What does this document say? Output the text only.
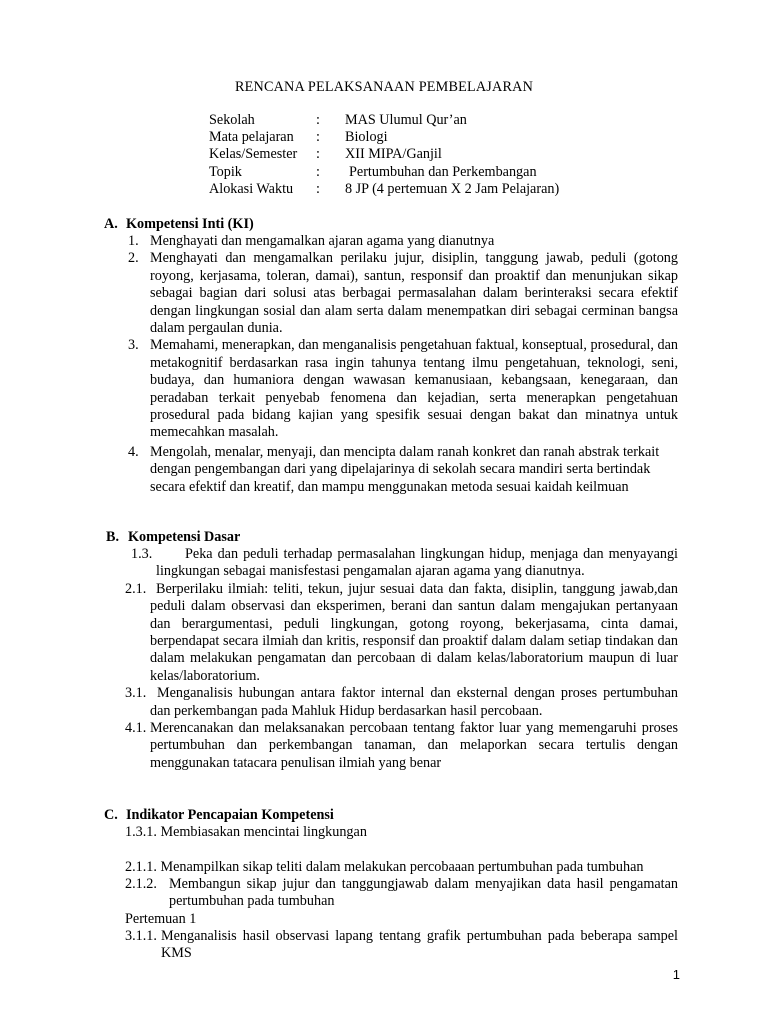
RENCANA PELAKSANAAN PEMBELAJARAN
Sekolah	:	MAS Ulumul Qur’an
Mata pelajaran	:	Biologi
Kelas/Semester	:	XII MIPA/Ganjil
Topik	:	Pertumbuhan dan Perkembangan
Alokasi Waktu	:	8 JP (4 pertemuan X 2 Jam Pelajaran)
A. Kompetensi Inti (KI)
1. Menghayati dan mengamalkan ajaran agama yang dianutnya
2. Menghayati dan mengamalkan perilaku jujur, disiplin, tanggung jawab, peduli (gotong royong, kerjasama, toleran, damai), santun, responsif dan proaktif dan menunjukan sikap sebagai bagian dari solusi atas berbagai permasalahan dalam berinteraksi secara efektif dengan lingkungan sosial dan alam serta dalam menempatkan diri sebagai cerminan bangsa dalam pergaulan dunia.
3. Memahami, menerapkan, dan menganalisis pengetahuan faktual, konseptual, prosedural, dan metakognitif berdasarkan rasa ingin tahunya tentang ilmu pengetahuan, teknologi, seni, budaya, dan humaniora dengan wawasan kemanusiaan, kebangsaan, kenegaraan, dan peradaban terkait penyebab fenomena dan kejadian, serta menerapkan pengetahuan prosedural pada bidang kajian yang spesifik sesuai dengan bakat dan minatnya untuk memecahkan masalah.
4. Mengolah, menalar, menyaji, dan mencipta dalam ranah konkret dan ranah abstrak terkait dengan pengembangan dari yang dipelajarinya di sekolah secara mandiri serta bertindak secara efektif dan kreatif, dan mampu menggunakan metoda sesuai kaidah keilmuan
B. Kompetensi Dasar
1.3.	Peka dan peduli terhadap permasalahan lingkungan hidup, menjaga dan menyayangi lingkungan sebagai manisfestasi pengamalan ajaran agama yang dianutnya.
2.1. Berperilaku ilmiah: teliti, tekun, jujur sesuai data dan fakta, disiplin, tanggung jawab,dan peduli dalam observasi dan eksperimen, berani dan santun dalam mengajukan pertanyaan dan berargumentasi, peduli lingkungan, gotong royong, bekerjasama, cinta damai, berpendapat secara ilmiah dan kritis, responsif dan proaktif dalam dalam setiap tindakan dan dalam melakukan pengamatan dan percobaan di dalam kelas/laboratorium maupun di luar kelas/laboratorium.
3.1. Menganalisis hubungan antara faktor internal dan eksternal dengan proses pertumbuhan dan perkembangan pada Mahluk Hidup berdasarkan hasil percobaan.
4.1. Merencanakan dan melaksanakan percobaan tentang faktor luar yang memengaruhi proses pertumbuhan dan perkembangan tanaman, dan melaporkan secara tertulis dengan menggunakan tatacara penulisan ilmiah yang benar
C. Indikator Pencapaian Kompetensi
1.3.1. Membiasakan mencintai lingkungan
2.1.1. Menampilkan sikap teliti dalam melakukan percobaaan pertumbuhan pada tumbuhan
2.1.2. Membangun sikap jujur dan tanggungjawab dalam menyajikan data hasil pengamatan pertumbuhan pada tumbuhan
Pertemuan 1
3.1.1. Menganalisis hasil observasi lapang tentang grafik pertumbuhan pada beberapa sampel KMS
1
